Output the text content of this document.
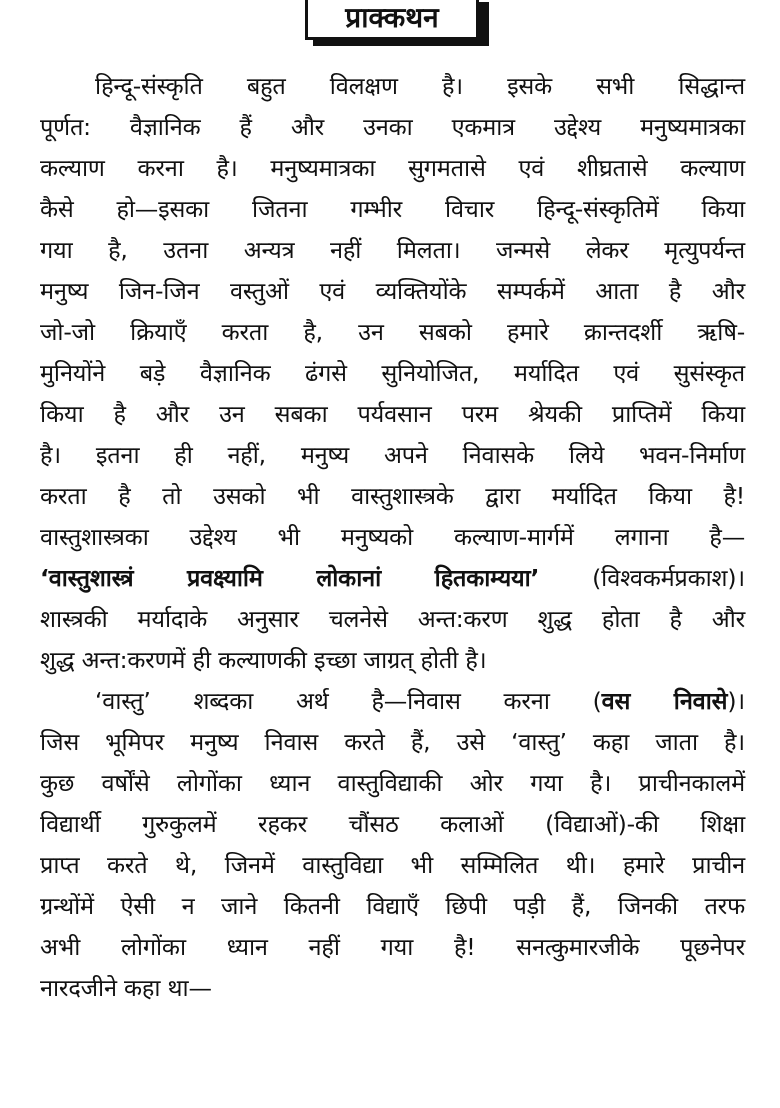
प्राक्कथन
हिन्दू-संस्कृति बहुत विलक्षण है। इसके सभी सिद्धान्त
पूर्णत: वैज्ञानिक हैं और उनका एकमात्र उद्देश्य मनुष्यमात्रका
कल्याण करना है। मनुष्यमात्रका सुगमतासे एवं शीघ्रतासे कल्याण
कैसे हो—इसका जितना गम्भीर विचार हिन्दू-संस्कृतिमें किया
गया है, उतना अन्यत्र नहीं मिलता। जन्मसे लेकर मृत्युपर्यन्त
मनुष्य जिन-जिन वस्तुओं एवं व्यक्तियोंके सम्पर्कमें आता है और
जो-जो क्रियाएँ करता है, उन सबको हमारे क्रान्तदर्शी ऋषि-
मुनियोंने बड़े वैज्ञानिक ढंगसे सुनियोजित, मर्यादित एवं सुसंस्कृत
किया है और उन सबका पर्यवसान परम श्रेयकी प्राप्तिमें किया
है। इतना ही नहीं, मनुष्य अपने निवासके लिये भवन-निर्माण
करता है तो उसको भी वास्तुशास्त्रके द्वारा मर्यादित किया है!
वास्तुशास्त्रका उद्देश्य भी मनुष्यको कल्याण-मार्गमें लगाना है—
‘वास्तुशास्त्रं प्रवक्ष्यामि लोकानां हितकाम्यया’ (विश्वकर्मप्रकाश)।
शास्त्रकी मर्यादाके अनुसार चलनेसे अन्त:करण शुद्ध होता है और
शुद्ध अन्त:करणमें ही कल्याणकी इच्छा जाग्रत् होती है।
‘वास्तु’ शब्दका अर्थ है—निवास करना (वस निवासे)।
जिस भूमिपर मनुष्य निवास करते हैं, उसे ‘वास्तु’ कहा जाता है।
कुछ वर्षोंसे लोगोंका ध्यान वास्तुविद्याकी ओर गया है। प्राचीनकालमें
विद्यार्थी गुरुकुलमें रहकर चौंसठ कलाओं (विद्याओं)-की शिक्षा
प्राप्त करते थे, जिनमें वास्तुविद्या भी सम्मिलित थी। हमारे प्राचीन
ग्रन्थोंमें ऐसी न जाने कितनी विद्याएँ छिपी पड़ी हैं, जिनकी तरफ
अभी लोगोंका ध्यान नहीं गया है! सनत्कुमारजीके पूछनेपर
नारदजीने कहा था—
